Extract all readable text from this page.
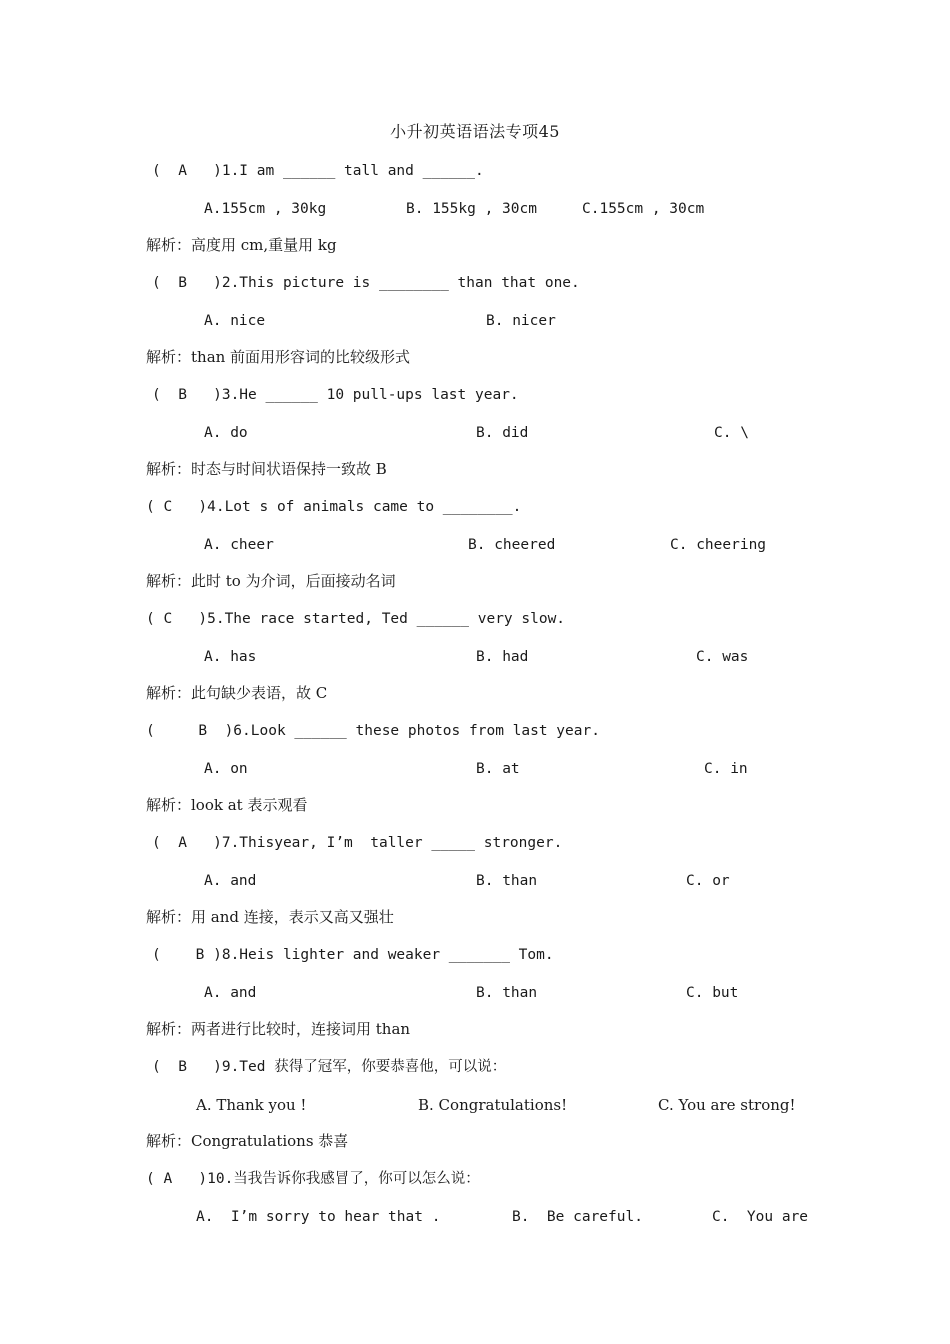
小升初英语语法专项45
(  A   )1.I am ______ tall and ______.
A.155cm , 30kg	B. 155kg , 30cm	C.155cm , 30cm
解析：高度用 cm,重量用 kg
(  B   )2.This picture is ________ than that one.
A. nice	B. nicer
解析：than 前面用形容词的比较级形式
(  B   )3.He ______ 10 pull-ups last year.
A. do	B. did	C. \
解析：时态与时间状语保持一致故 B
( C   )4.Lot s of animals came to ________.
A. cheer	B. cheered	C. cheering
解析：此时 to 为介词，后面接动名词
( C   )5.The race started, Ted ______ very slow.
A. has	B. had	C. was
解析：此句缺少表语，故 C
(     B  )6.Look ______ these photos from last year.
A. on	B. at	C. in
解析：look at 表示观看
(  A   )7.Thisyear, I’m  taller _____ stronger.
A. and	B. than	C. or
解析：用 and 连接，表示又高又强壮
(    B )8.Heis lighter and weaker _______ Tom.
A. and	B. than	C. but
解析：两者进行比较时，连接词用 than
(  B   )9.Ted 获得了冠军，你要恭喜他，可以说：
A. Thank you !	B. Congratulations!	C. You are strong!
解析：Congratulations 恭喜
( A   )10.当我告诉你我感冒了，你可以怎么说：
A.  I’m sorry to hear that .	B.  Be careful.	C.  You are
